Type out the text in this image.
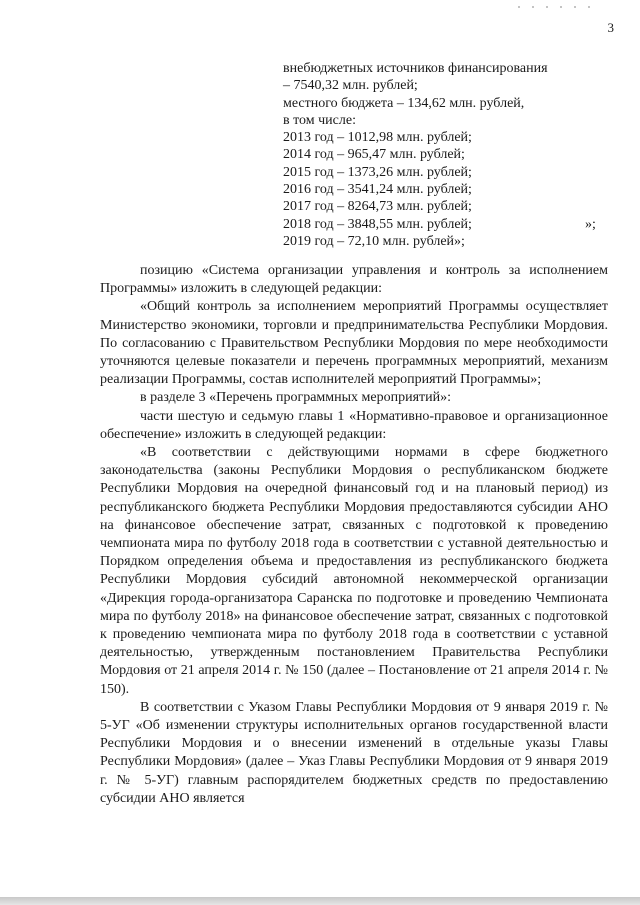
3
внебюджетных источников финансирования
– 7540,32 млн. рублей;
местного бюджета – 134,62 млн. рублей,
в том числе:
2013 год – 1012,98 млн. рублей;
2014 год – 965,47 млн. рублей;
2015 год – 1373,26 млн. рублей;
2016 год – 3541,24 млн. рублей;
2017 год – 8264,73 млн. рублей;
2018 год – 3848,55 млн. рублей;	»;
2019 год – 72,10 млн. рублей»;

позицию «Система организации управления и контроль за исполнением Программы» изложить в следующей редакции:

«Общий контроль за исполнением мероприятий Программы осуществляет Министерство экономики, торговли и предпринимательства Республики Мордовия. По согласованию с Правительством Республики Мордовия по мере необходимости уточняются целевые показатели и перечень программных мероприятий, механизм реализации Программы, состав исполнителей мероприятий Программы»;

в разделе 3 «Перечень программных мероприятий»:

части шестую и седьмую главы 1 «Нормативно-правовое и организационное обеспечение» изложить в следующей редакции:

«В соответствии с действующими нормами в сфере бюджетного законодательства (законы Республики Мордовия о республиканском бюджете Республики Мордовия на очередной финансовый год и на плановый период) из республиканского бюджета Республики Мордовия предоставляются субсидии АНО на финансовое обеспечение затрат, связанных с подготовкой к проведению чемпионата мира по футболу 2018 года в соответствии с уставной деятельностью и Порядком определения объема и предоставления из республиканского бюджета Республики Мордовия субсидий автономной некоммерческой организации «Дирекция города-организатора Саранска по подготовке и проведению Чемпионата мира по футболу 2018» на финансовое обеспечение затрат, связанных с подготовкой к проведению чемпионата мира по футболу 2018 года в соответствии с уставной деятельностью, утвержденным постановлением Правительства Республики Мордовия от 21 апреля 2014 г. № 150 (далее – Постановление от 21 апреля 2014 г. № 150).

В соответствии с Указом Главы Республики Мордовия от 9 января 2019 г. № 5-УГ «Об изменении структуры исполнительных органов государственной власти Республики Мордовия и о внесении изменений в отдельные указы Главы Республики Мордовия» (далее – Указ Главы Республики Мордовия от 9 января 2019 г. № 5-УГ) главным распорядителем бюджетных средств по предоставлению субсидии АНО является
